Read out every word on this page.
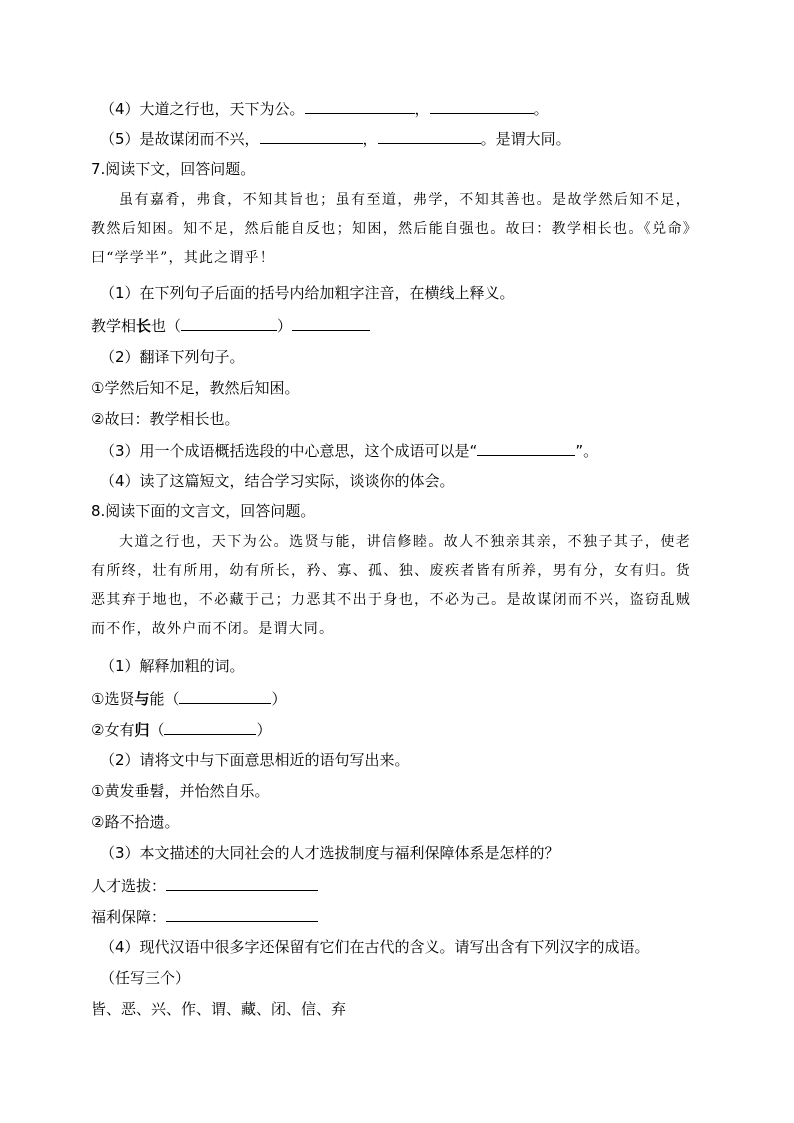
（4）大道之行也，天下为公。	，	。
（5）是故谋闭而不兴，	，	。是谓大同。
7.阅读下文，回答问题。

虽有嘉肴，弗食，不知其旨也；虽有至道，弗学，不知其善也。是故学然后知不足，教然后知困。知不足，然后能自反也；知困，然后能自强也。故曰：教学相长也。《兑命》曰“学学半”，其此之谓乎！

（1）在下列句子后面的括号内给加粗字注音，在横线上释义。
教学相长也（	）
（2）翻译下列句子。
①学然后知不足，教然后知困。
②故曰：教学相长也。
（3）用一个成语概括选段的中心意思，这个成语可以是“	”。
（4）读了这篇短文，结合学习实际，谈谈你的体会。
8.阅读下面的文言文，回答问题。

大道之行也，天下为公。选贤与能，讲信修睦。故人不独亲其亲，不独子其子，使老有所终，壮有所用，幼有所长，矜、寡、孤、独、废疾者皆有所养，男有分，女有归。货恶其弃于地也，不必藏于己；力恶其不出于身也，不必为己。是故谋闭而不兴，盗窃乱贼而不作，故外户而不闭。是谓大同。

（1）解释加粗的词。
①选贤与能（	）
②女有归（	）
（2）请将文中与下面意思相近的语句写出来。
①黄发垂髫，并怡然自乐。
②路不拾遗。
（3）本文描述的大同社会的人才选拔制度与福利保障体系是怎样的？
人才选拔：
福利保障：
（4）现代汉语中很多字还保留有它们在古代的含义。请写出含有下列汉字的成语。
（任写三个）
皆、恶、兴、作、谓、藏、闭、信、弃
